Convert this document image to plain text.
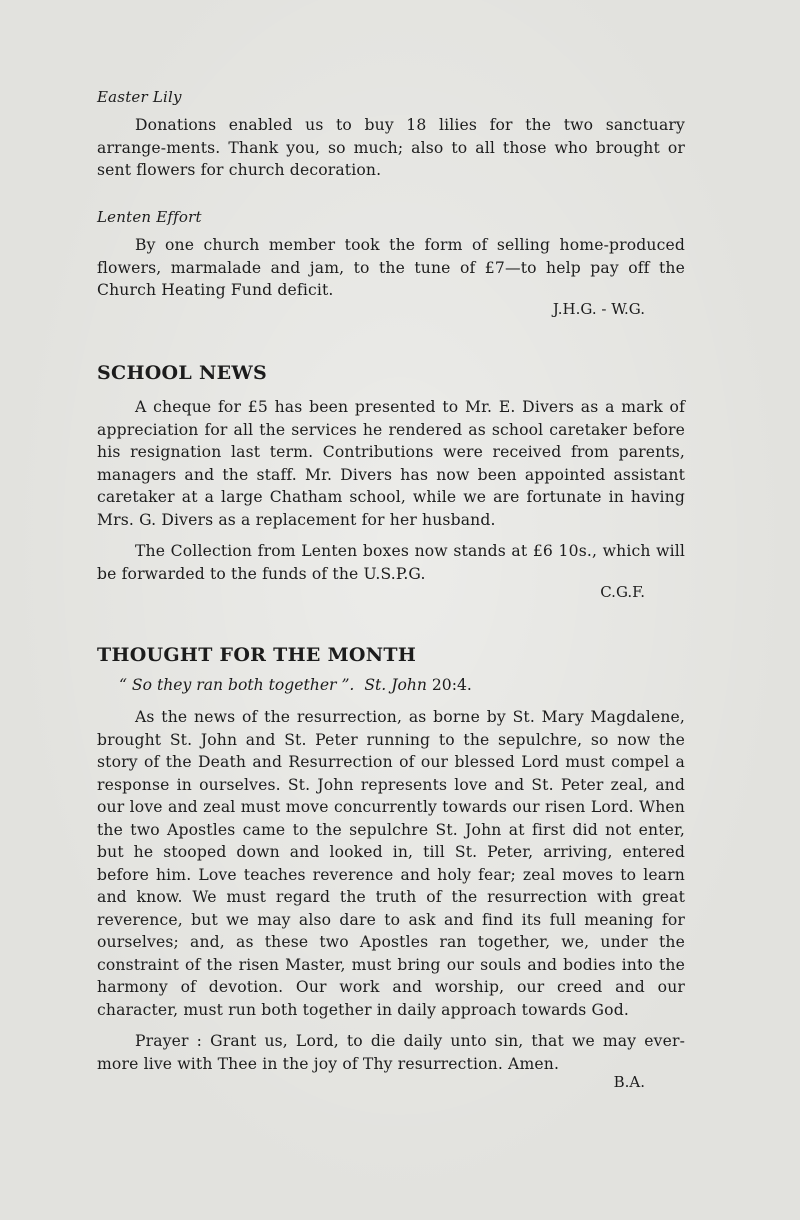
Easter Lily

Donations enabled us to buy 18 lilies for the two sanctuary arrange-ments. Thank you, so much; also to all those who brought or sent flowers for church decoration.

Lenten Effort

By one church member took the form of selling home-produced flowers, marmalade and jam, to the tune of £7—to help pay off the Church Heating Fund deficit.

J.H.G. - W.G.

SCHOOL NEWS

A cheque for £5 has been presented to Mr. E. Divers as a mark of appreciation for all the services he rendered as school caretaker before his resignation last term. Contributions were received from parents, managers and the staff. Mr. Divers has now been appointed assistant caretaker at a large Chatham school, while we are fortunate in having Mrs. G. Divers as a replacement for her husband.

The Collection from Lenten boxes now stands at £6 10s., which will be forwarded to the funds of the U.S.P.G.

C.G.F.

THOUGHT FOR THE MONTH

“ So they ran both together ”. St. John 20:4.

As the news of the resurrection, as borne by St. Mary Magdalene, brought St. John and St. Peter running to the sepulchre, so now the story of the Death and Resurrection of our blessed Lord must compel a response in ourselves. St. John represents love and St. Peter zeal, and our love and zeal must move concurrently towards our risen Lord. When the two Apostles came to the sepulchre St. John at first did not enter, but he stooped down and looked in, till St. Peter, arriving, entered before him. Love teaches reverence and holy fear; zeal moves to learn and know. We must regard the truth of the resurrection with great reverence, but we may also dare to ask and find its full meaning for ourselves; and, as these two Apostles ran together, we, under the constraint of the risen Master, must bring our souls and bodies into the harmony of devotion. Our work and worship, our creed and our character, must run both together in daily approach towards God.

Prayer : Grant us, Lord, to die daily unto sin, that we may ever-more live with Thee in the joy of Thy resurrection. Amen.

B.A.
